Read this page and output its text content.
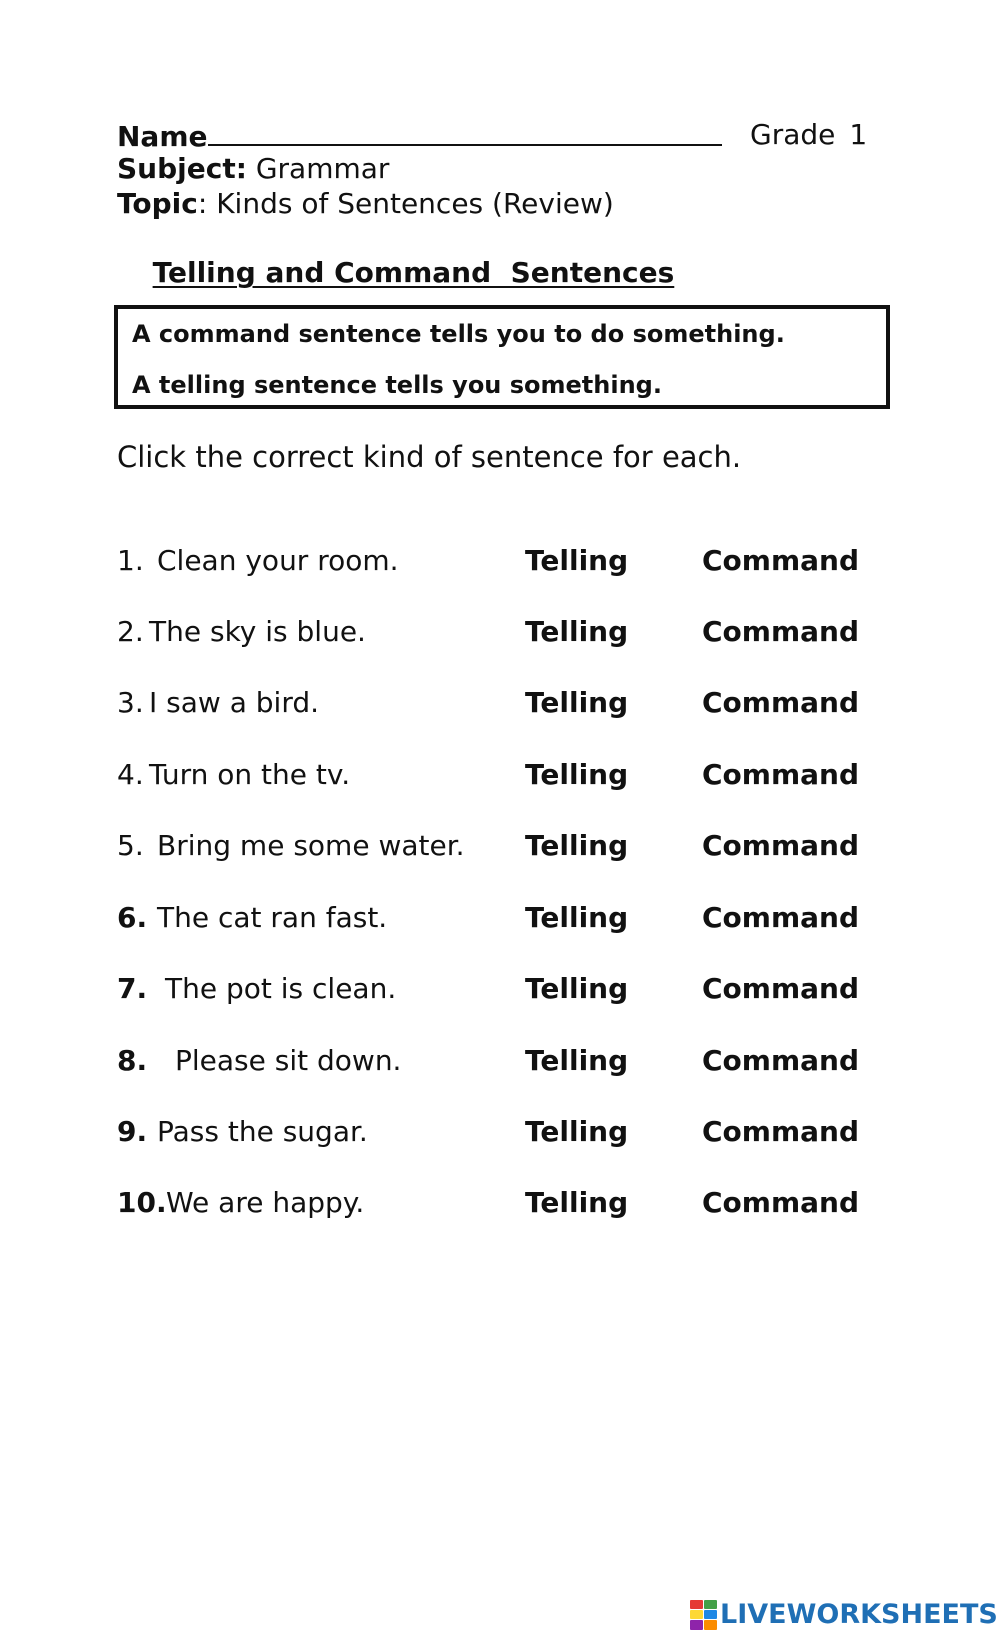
Name	Grade 1
Subject: Grammar
Topic: Kinds of Sentences (Review)

Telling and Command  Sentences

A command sentence tells you to do something.
A telling sentence tells you something.
Click the correct kind of sentence for each.
1. Clean your room.	Telling	Command
2. The sky is blue.	Telling	Command
3. I saw a bird.	Telling	Command
4. Turn on the tv.	Telling	Command
5. Bring me some water. Telling	Command
6. The cat ran fast.	Telling	Command
7. The pot is clean.	Telling	Command
8. Please sit down.	Telling	Command
9. Pass the sugar.	Telling	Command
10. We are happy.	Telling	Command
LIVEWORKSHEETS
